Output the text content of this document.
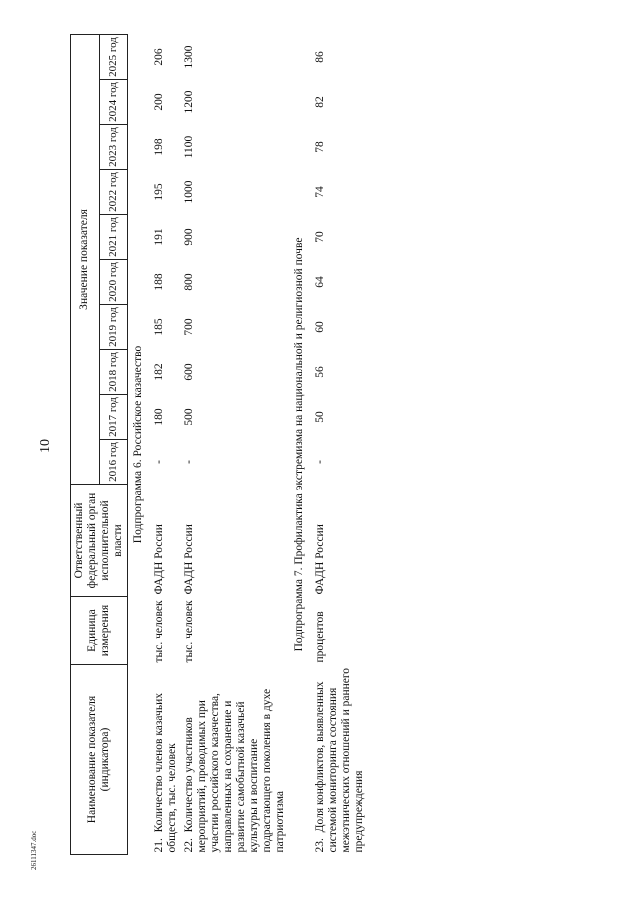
10
26111347.doc
Наименование показателя (индикатора)	Единица измерения	Ответственный федеральный орган исполнительной власти	Значение показателя									
			2016 год	2017 год	2018 год	2019 год	2020 год	2021 год	2022 год	2023 год	2024 год	2025 год
Подпрограмма 6. Российское казачество												
21.  Количество членов казачьих обществ, тыс. человек	тыс. человек	ФАДН России	-	180	182	185	188	191	195	198	200	206
22.  Количество участников мероприятий, проводимых при участии российского казачества, направленных на сохранение и развитие самобытной казачьей культуры и воспитание подрастающего поколения в духе патриотизма	тыс. человек	ФАДН России	-	500	600	700	800	900	1000	1100	1200	1300
Подпрограмма 7. Профилактика экстремизма на национальной и религиозной почве												
23.  Доля конфликтов, выявленных системой мониторинга состояния межэтнических отношений и раннего предупреждения	процентов	ФАДН России	-	50	56	60	64	70	74	78	82	86
